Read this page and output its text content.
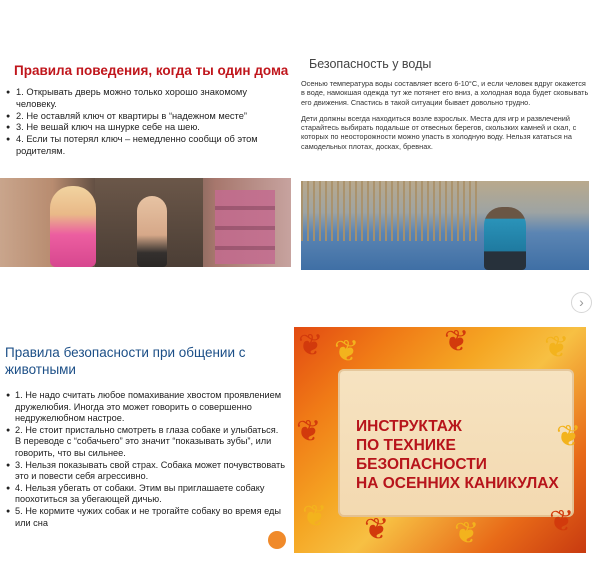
Правила поведения, когда ты один дома
● 1. Открывать дверь можно только хорошо знакомому человеку.
● 2. Не оставляй ключ от квартиры в “надежном месте”
● 3. Не вешай ключ на шнурке себе на шею.
● 4. Если ты потерял ключ – немедленно сообщи об этом родителям.
Безопасность у воды

Осенью температура воды составляет всего 6-10°С, и если человек вдруг окажется в воде, намокшая одежда тут же потянет его вниз, а холодная вода будет сковывать его движения. Спастись в такой ситуации бывает довольно трудно.

Дети должны всегда находиться возле взрослых. Места для игр и развлечений старайтесь выбирать подальше от отвесных берегов, скользких камней и скал, с которых по неосторожности можно упасть в холодную воду. Нельзя кататься на самодельных плотах, досках, бревнах.

›
Правила безопасности при общении с животными
● 1. Не надо считать любое помахивание хвостом проявлением дружелюбия. Иногда это может говорить о совершенно недружелюбном настрое.
● 2. Не стоит пристально смотреть в глаза собаке и улыбаться. В переводе с “собачьего” это значит “показывать зубы”, или говорить, что вы сильнее.
● 3. Нельзя показывать свой страх. Собака может почувствовать это и повести себя агрессивно.
● 4. Нельзя убегать от собаки. Этим вы приглашаете собаку поохотиться за убегающей дичью.
● 5. Не кормите чужих собак и не трогайте собаку во время еды или сна
❦ ❦	❦ ❦
❦
❦ ❦ ❦ ❦
❦
ИНСТРУКТАЖ
ПО ТЕХНИКЕ БЕЗОПАСНОСТИ
НА ОСЕННИХ КАНИКУЛАХ
